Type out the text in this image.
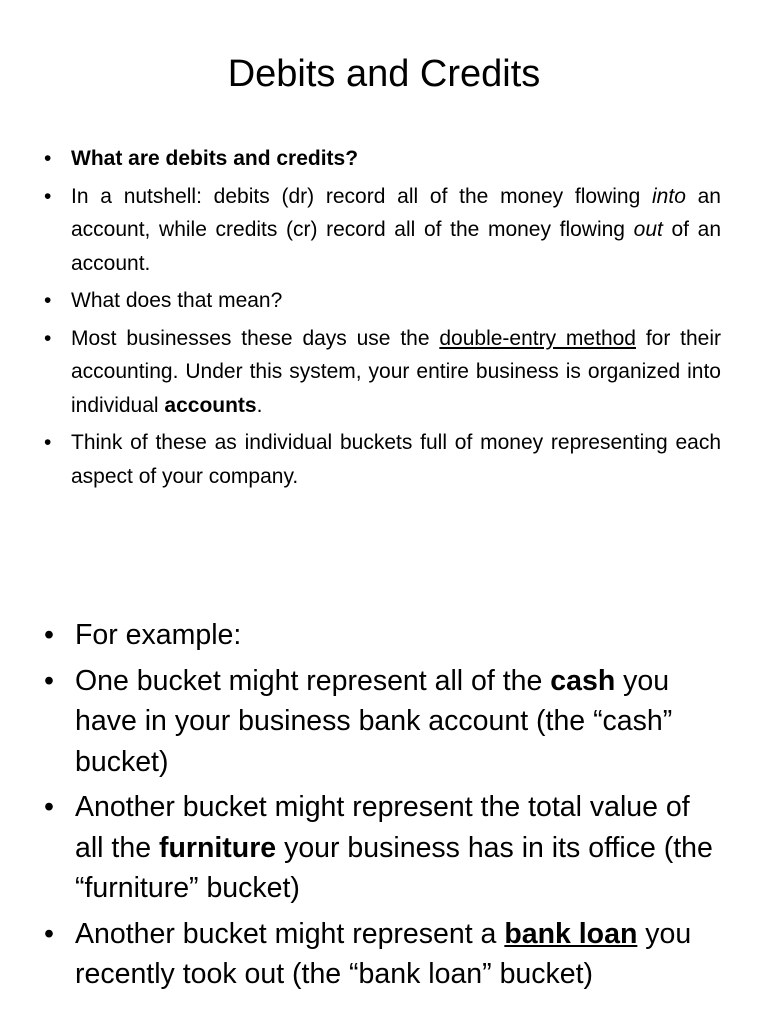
Debits and Credits
• What are debits and credits?
• In a nutshell: debits (dr) record all of the money flowing into an account, while credits (cr) record all of the money flowing out of an account.
• What does that mean?
• Most businesses these days use the double-entry method for their accounting. Under this system, your entire business is organized into individual accounts.
• Think of these as individual buckets full of money representing each aspect of your company.
• For example:
• One bucket might represent all of the cash you have in your business bank account (the “cash” bucket)
• Another bucket might represent the total value of all the furniture your business has in its office (the “furniture” bucket)
• Another bucket might represent a bank loan you recently took out (the “bank loan” bucket)
